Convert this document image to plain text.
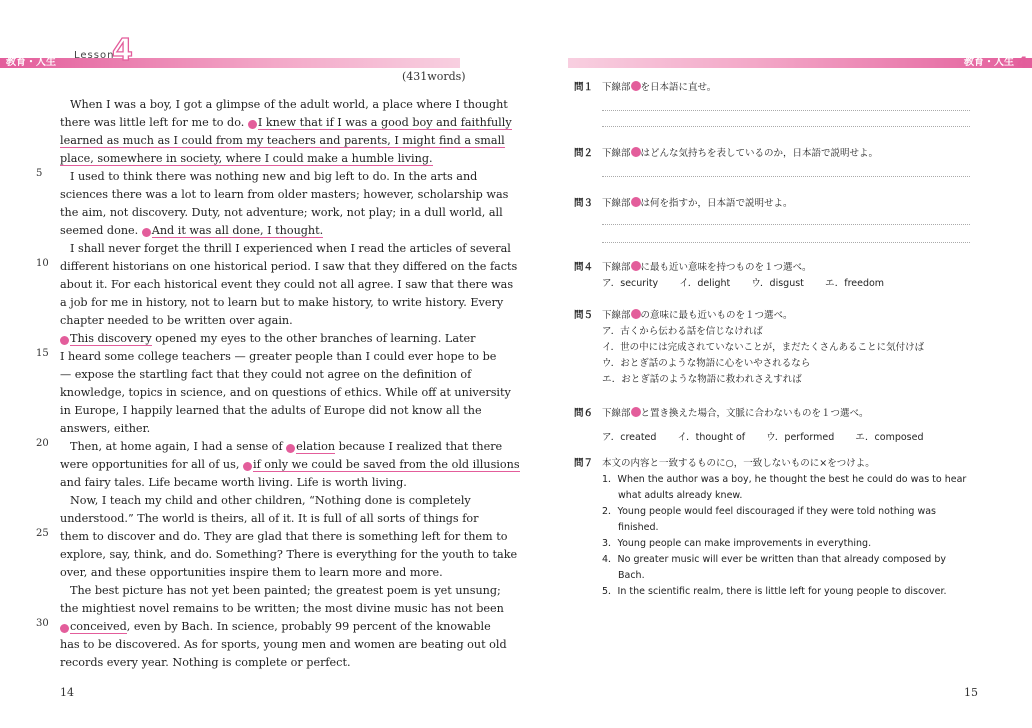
教育・人生	教育・人生 4
Lesson
4
(431words)
5
10
15
20
25
30
When I was a boy, I got a glimpse of the adult world, a place where I thought
there was little left for me to do. I knew that if I was a good boy and faithfully
learned as much as I could from my teachers and parents, I might find a small
place, somewhere in society, where I could make a humble living.
I used to think there was nothing new and big left to do. In the arts and
sciences there was a lot to learn from older masters; however, scholarship was
the aim, not discovery. Duty, not adventure; work, not play; in a dull world, all
seemed done. And it was all done, I thought.
I shall never forget the thrill I experienced when I read the articles of several
different historians on one historical period. I saw that they differed on the facts
about it. For each historical event they could not all agree. I saw that there was
a job for me in history, not to learn but to make history, to write history. Every
chapter needed to be written over again.
This discovery opened my eyes to the other branches of learning. Later
I heard some college teachers — greater people than I could ever hope to be
— expose the startling fact that they could not agree on the definition of
knowledge, topics in science, and on questions of ethics. While off at university
in Europe, I happily learned that the adults of Europe did not know all the
answers, either.
Then, at home again, I had a sense of elation because I realized that there
were opportunities for all of us, if only we could be saved from the old illusions
and fairy tales. Life became worth living. Life is worth living.
Now, I teach my child and other children, “Nothing done is completely
understood.” The world is theirs, all of it. It is full of all sorts of things for
them to discover and do. They are glad that there is something left for them to
explore, say, think, and do. Something? There is everything for the youth to take
over, and these opportunities inspire them to learn more and more.
The best picture has not yet been painted; the greatest poem is yet unsung;
the mightiest novel remains to be written; the most divine music has not been
conceived, even by Bach. In science, probably 99 percent of the knowable
has to be discovered. As for sports, young men and women are beating out old
records every year. Nothing is complete or perfect.
14	15
問１ 下線部 を日本語に直せ。
問２ 下線部 はどんな気持ちを表しているのか，日本語で説明せよ。
問３ 下線部 は何を指すか，日本語で説明せよ。
問４ 下線部 に最も近い意味を持つものを１つ選べ。
ア．security イ．delight ウ．disgust エ．freedom
問５ 下線部 の意味に最も近いものを１つ選べ。
ア．古くから伝わる話を信じなければ
イ．世の中には完成されていないことが，まだたくさんあることに気付けば
ウ．おとぎ話のような物語に心をいやされるなら
エ．おとぎ話のような物語に救われさえすれば
問６ 下線部 と置き換えた場合，文脈に合わないものを１つ選べ。
ア．created イ．thought of ウ．performed エ．composed
問７ 本文の内容と一致するものに○，一致しないものに×をつけよ。
1．When the author was a boy, he thought the best he could do was to hear
what adults already knew.
2．Young people would feel discouraged if they were told nothing was
finished.
3．Young people can make improvements in everything.
4．No greater music will ever be written than that already composed by
Bach.
5．In the scientific realm, there is little left for young people to discover.
